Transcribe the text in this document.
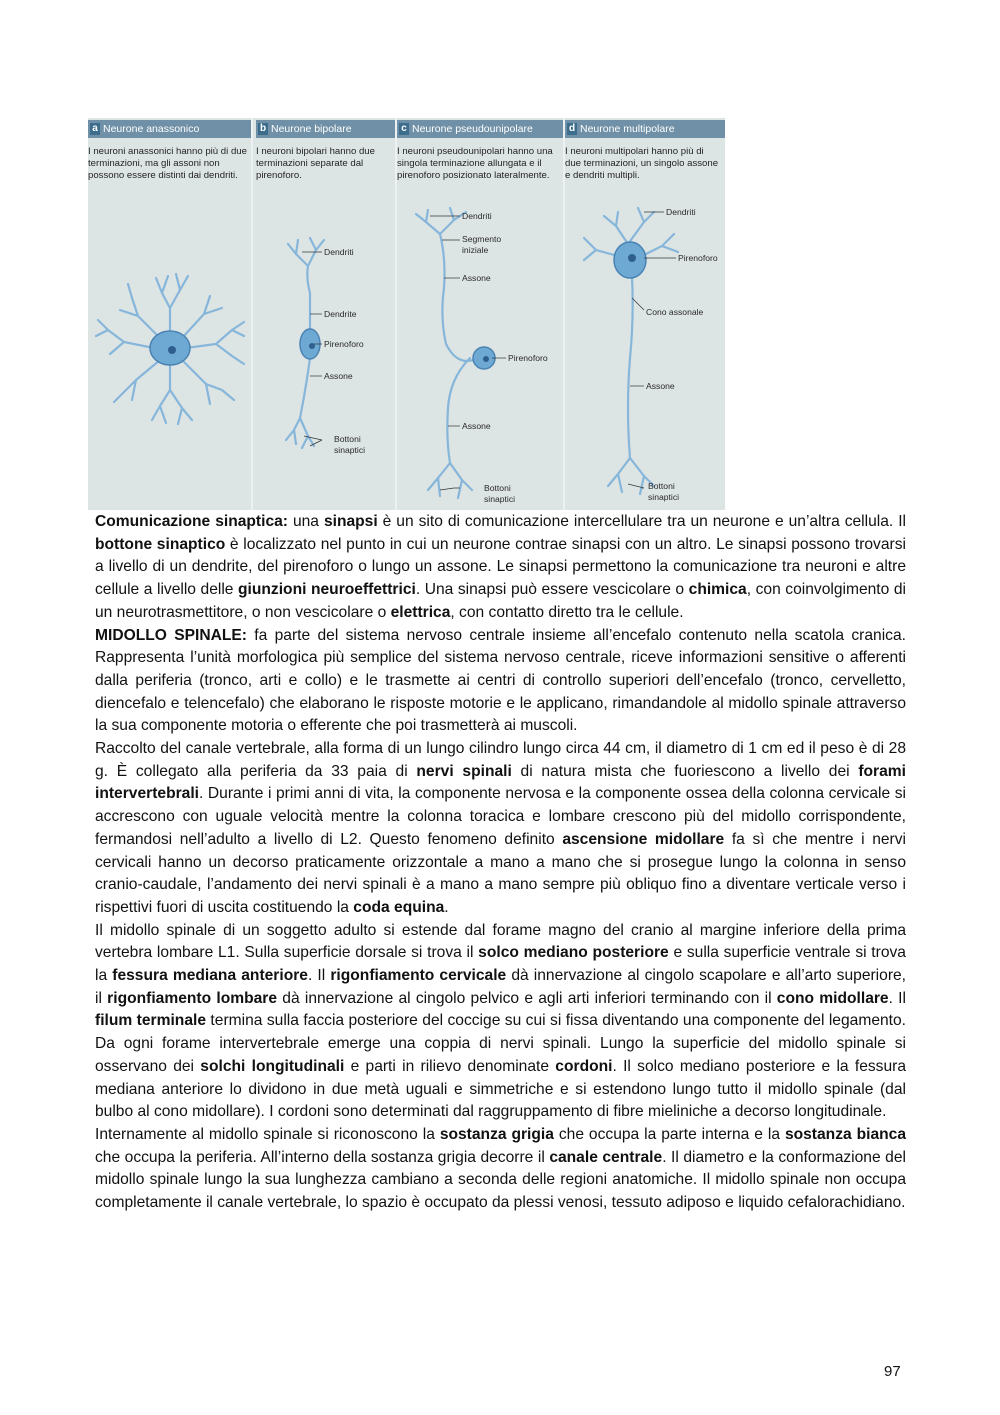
a Neurone anassonico
I neuroni anassonici hanno più di due terminazioni, ma gli assoni non possono essere distinti dai dendriti.
b Neurone bipolare
I neuroni bipolari hanno due terminazioni separate dal pirenoforo.
c Neurone pseudounipolare
I neuroni pseudounipolari hanno una singola terminazione allungata e il pirenoforo posizionato lateralmente.
d Neurone multipolare
I neuroni multipolari hanno più di due terminazioni, un singolo assone e dendriti multipli.
Dendriti
Dendrite
Pirenoforo
Assone
Bottoni
sinaptici
Dendriti
Segmento
iniziale
Assone
Pirenoforo
Assone
Bottoni
sinaptici
Dendriti
Pirenoforo
Cono assonale
Assone
Bottoni
sinaptici

Comunicazione sinaptica: una sinapsi è un sito di comunicazione intercellulare tra un neurone e un’altra cellula. Il bottone sinaptico è localizzato nel punto in cui un neurone contrae sinapsi con un altro. Le sinapsi possono trovarsi a livello di un dendrite, del pirenoforo o lungo un assone. Le sinapsi permettono la comunicazione tra neuroni e altre cellule a livello delle giunzioni neuroeffettrici. Una sinapsi può essere vescicolare o chimica, con coinvolgimento di un neurotrasmettitore, o non vescicolare o elettrica, con contatto diretto tra le cellule.

MIDOLLO SPINALE: fa parte del sistema nervoso centrale insieme all’encefalo contenuto nella scatola cranica. Rappresenta l’unità morfologica più semplice del sistema nervoso centrale, riceve informazioni sensitive o afferenti dalla periferia (tronco, arti e collo) e le trasmette ai centri di controllo superiori dell’encefalo (tronco, cervelletto, diencefalo e telencefalo) che elaborano le risposte motorie e le applicano, rimandandole al midollo spinale attraverso la sua componente motoria o efferente che poi trasmetterà ai muscoli.

Raccolto del canale vertebrale, alla forma di un lungo cilindro lungo circa 44 cm, il diametro di 1 cm ed il peso è di 28 g. È collegato alla periferia da 33 paia di nervi spinali di natura mista che fuoriescono a livello dei forami intervertebrali. Durante i primi anni di vita, la componente nervosa e la componente ossea della colonna cervicale si accrescono con uguale velocità mentre la colonna toracica e lombare crescono più del midollo corrispondente, fermandosi nell’adulto a livello di L2. Questo fenomeno definito ascensione midollare fa sì che mentre i nervi cervicali hanno un decorso praticamente orizzontale a mano a mano che si prosegue lungo la colonna in senso cranio-caudale, l’andamento dei nervi spinali è a mano a mano sempre più obliquo fino a diventare verticale verso i rispettivi fuori di uscita costituendo la coda equina.

Il midollo spinale di un soggetto adulto si estende dal forame magno del cranio al margine inferiore della prima vertebra lombare L1. Sulla superficie dorsale si trova il solco mediano posteriore e sulla superficie ventrale si trova la fessura mediana anteriore. Il rigonfiamento cervicale dà innervazione al cingolo scapolare e all’arto superiore, il rigonfiamento lombare dà innervazione al cingolo pelvico e agli arti inferiori terminando con il cono midollare. Il filum terminale termina sulla faccia posteriore del coccige su cui si fissa diventando una componente del legamento. Da ogni forame intervertebrale emerge una coppia di nervi spinali. Lungo la superficie del midollo spinale si osservano dei solchi longitudinali e parti in rilievo denominate cordoni. Il solco mediano posteriore e la fessura mediana anteriore lo dividono in due metà uguali e simmetriche e si estendono lungo tutto il midollo spinale (dal bulbo al cono midollare). I cordoni sono determinati dal raggruppamento di fibre mieliniche a decorso longitudinale.

Internamente al midollo spinale si riconoscono la sostanza grigia che occupa la parte interna e la sostanza bianca che occupa la periferia. All’interno della sostanza grigia decorre il canale centrale. Il diametro e la conformazione del midollo spinale lungo la sua lunghezza cambiano a seconda delle regioni anatomiche. Il midollo spinale non occupa completamente il canale vertebrale, lo spazio è occupato da plessi venosi, tessuto adiposo e liquido cefalorachidiano.

97
